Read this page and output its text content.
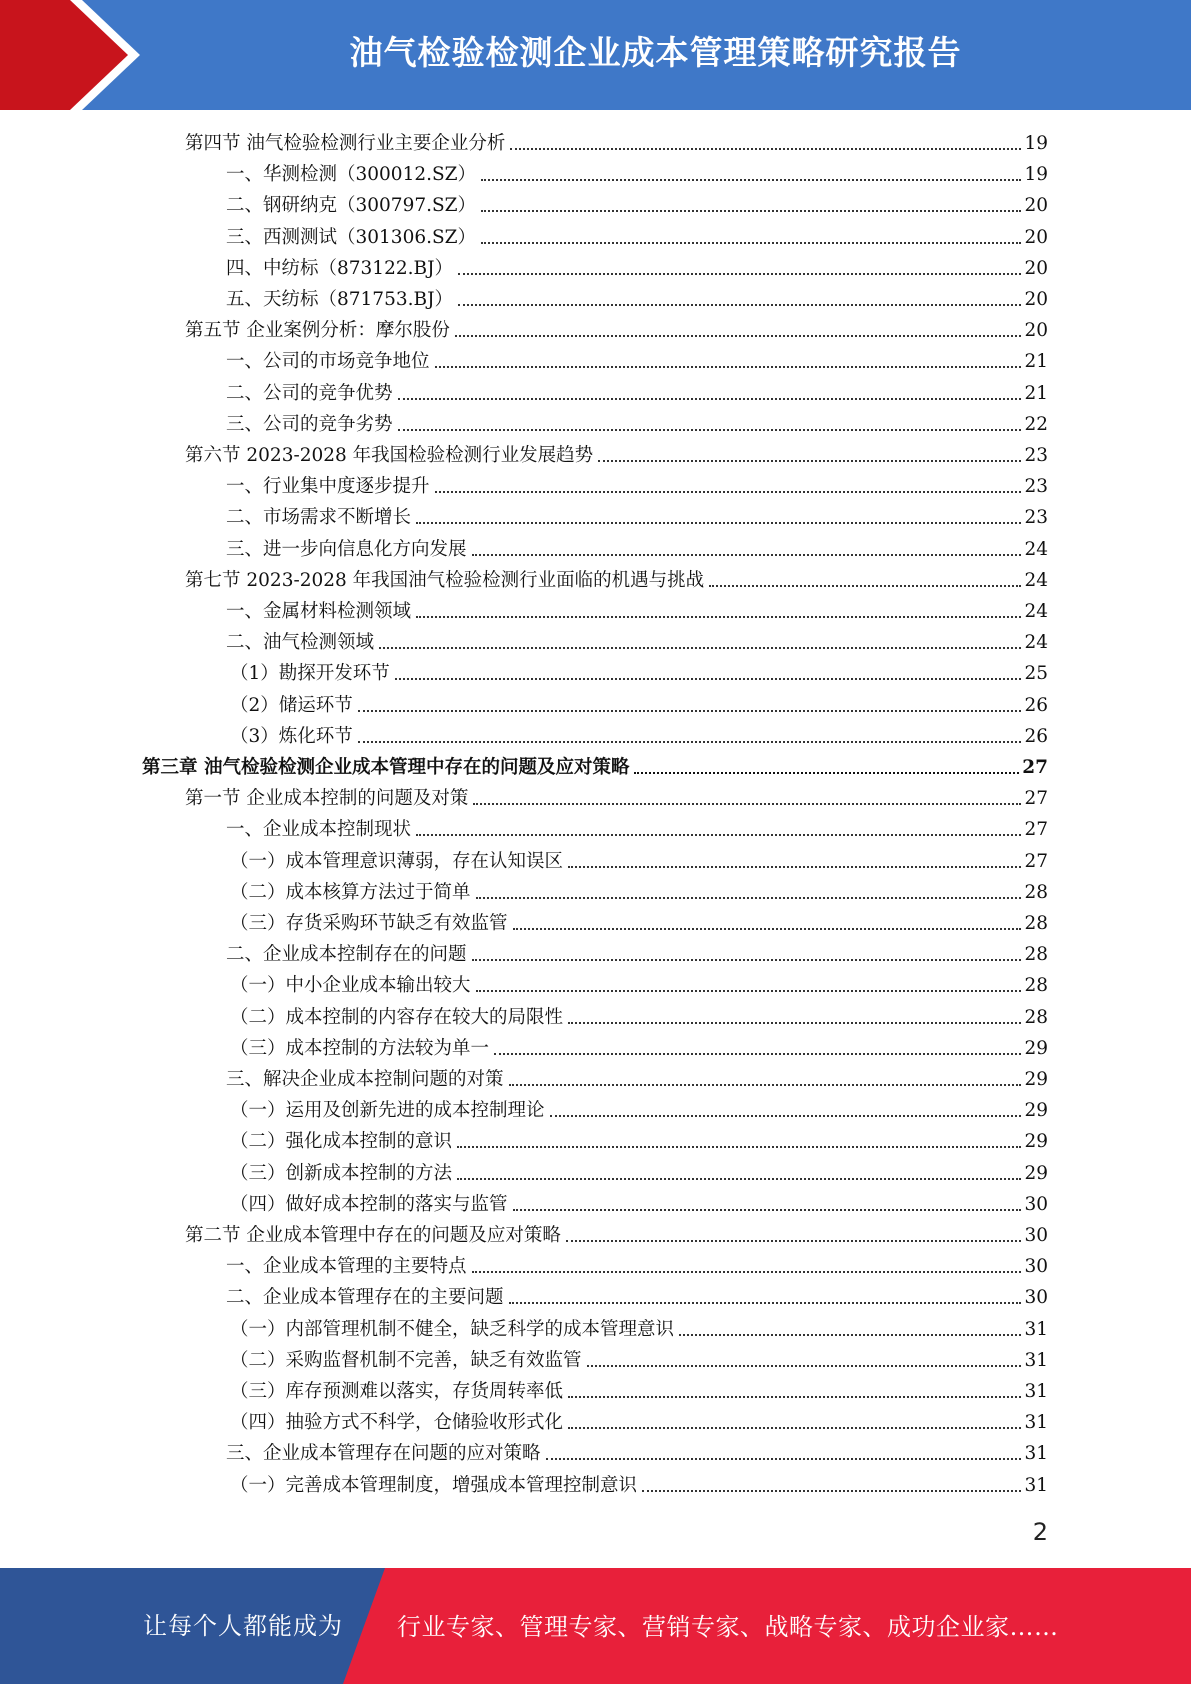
油气检验检测企业成本管理策略研究报告
第四节 油气检验检测行业主要企业分析	19
一、华测检测（300012.SZ）	19
二、钢研纳克（300797.SZ）	20
三、西测测试（301306.SZ）	20
四、中纺标（873122.BJ）	20
五、天纺标（871753.BJ）	20
第五节 企业案例分析：摩尔股份	20
一、公司的市场竞争地位	21
二、公司的竞争优势	21
三、公司的竞争劣势	22
第六节 2023-2028 年我国检验检测行业发展趋势	23
一、行业集中度逐步提升	23
二、市场需求不断增长	23
三、进一步向信息化方向发展	24
第七节 2023-2028 年我国油气检验检测行业面临的机遇与挑战	24
一、金属材料检测领域	24
二、油气检测领域	24
（1）勘探开发环节	25
（2）储运环节	26
（3）炼化环节	26
第三章 油气检验检测企业成本管理中存在的问题及应对策略	27
第一节 企业成本控制的问题及对策	27
一、企业成本控制现状	27
（一）成本管理意识薄弱，存在认知误区	27
（二）成本核算方法过于简单	28
（三）存货采购环节缺乏有效监管	28
二、企业成本控制存在的问题	28
（一）中小企业成本输出较大	28
（二）成本控制的内容存在较大的局限性	28
（三）成本控制的方法较为单一	29
三、解决企业成本控制问题的对策	29
（一）运用及创新先进的成本控制理论	29
（二）强化成本控制的意识	29
（三）创新成本控制的方法	29
（四）做好成本控制的落实与监管	30
第二节 企业成本管理中存在的问题及应对策略	30
一、企业成本管理的主要特点	30
二、企业成本管理存在的主要问题	30
（一）内部管理机制不健全，缺乏科学的成本管理意识	31
（二）采购监督机制不完善，缺乏有效监管	31
（三）库存预测难以落实，存货周转率低	31
（四）抽验方式不科学，仓储验收形式化	31
三、企业成本管理存在问题的应对策略	31
（一）完善成本管理制度，增强成本管理控制意识	31
2
让每个人都能成为 行业专家、管理专家、营销专家、战略专家、成功企业家……
